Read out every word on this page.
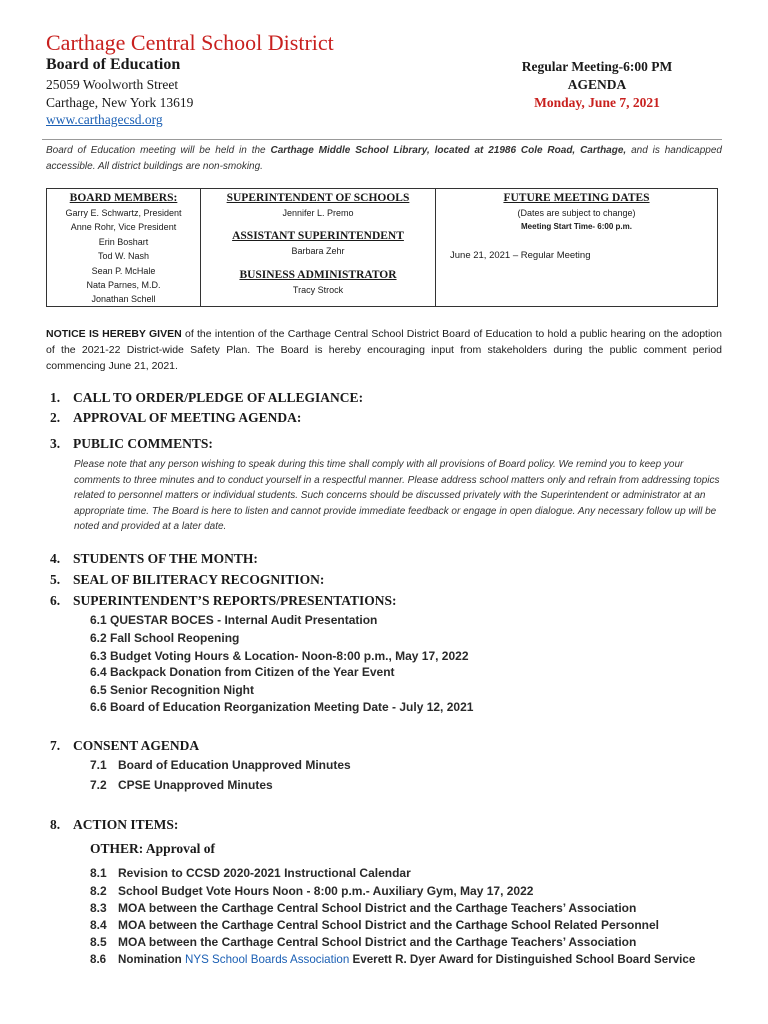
Carthage Central School District
Board of Education
25059 Woolworth Street
Carthage, New York 13619
www.carthagecsd.org
Regular Meeting-6:00 PM
AGENDA
Monday, June 7, 2021
Board of Education meeting will be held in the Carthage Middle School Library, located at 21986 Cole Road, Carthage, and is handicapped accessible. All district buildings are non-smoking.
BOARD MEMBERS:
Garry E. Schwartz, President
Anne Rohr, Vice President
Erin Boshart
Tod W. Nash
Sean P. McHale
Nata Parnes, M.D.
Jonathan Schell
SUPERINTENDENT OF SCHOOLS
Jennifer L. Premo
ASSISTANT SUPERINTENDENT
Barbara Zehr
BUSINESS ADMINISTRATOR
Tracy Strock
FUTURE MEETING DATES
(Dates are subject to change)
Meeting Start Time- 6:00 p.m.
June 21, 2021 – Regular Meeting
NOTICE IS HEREBY GIVEN of the intention of the Carthage Central School District Board of Education to hold a public hearing on the adoption of the 2021-22 District-wide Safety Plan. The Board is hereby encouraging input from stakeholders during the public comment period commencing June 21, 2021.
1. CALL TO ORDER/PLEDGE OF ALLEGIANCE:
2. APPROVAL OF MEETING AGENDA:
3. PUBLIC COMMENTS:
Please note that any person wishing to speak during this time shall comply with all provisions of Board policy. We remind you to keep your comments to three minutes and to conduct yourself in a respectful manner. Please address school matters only and refrain from addressing topics related to personnel matters or individual students. Such concerns should be discussed privately with the Superintendent or administrator at an appropriate time. The Board is here to listen and cannot provide immediate feedback or engage in open dialogue. Any necessary follow up will be noted and provided at a later date.
4. STUDENTS OF THE MONTH:
5. SEAL OF BILITERACY RECOGNITION:
6. SUPERINTENDENT’S REPORTS/PRESENTATIONS:
6.1 QUESTAR BOCES - Internal Audit Presentation
6.2 Fall School Reopening
6.3 Budget Voting Hours & Location- Noon-8:00 p.m., May 17, 2022
6.4 Backpack Donation from Citizen of the Year Event
6.5 Senior Recognition Night
6.6 Board of Education Reorganization Meeting Date - July 12, 2021
7. CONSENT AGENDA
7.1 Board of Education Unapproved Minutes
7.2 CPSE Unapproved Minutes
8. ACTION ITEMS:
OTHER: Approval of
8.1 Revision to CCSD 2020-2021 Instructional Calendar
8.2 School Budget Vote Hours Noon - 8:00 p.m.- Auxiliary Gym, May 17, 2022
8.3 MOA between the Carthage Central School District and the Carthage Teachers’ Association
8.4 MOA between the Carthage Central School District and the Carthage School Related Personnel
8.5 MOA between the Carthage Central School District and the Carthage Teachers’ Association
8.6 Nomination NYS School Boards Association Everett R. Dyer Award for Distinguished School Board Service
